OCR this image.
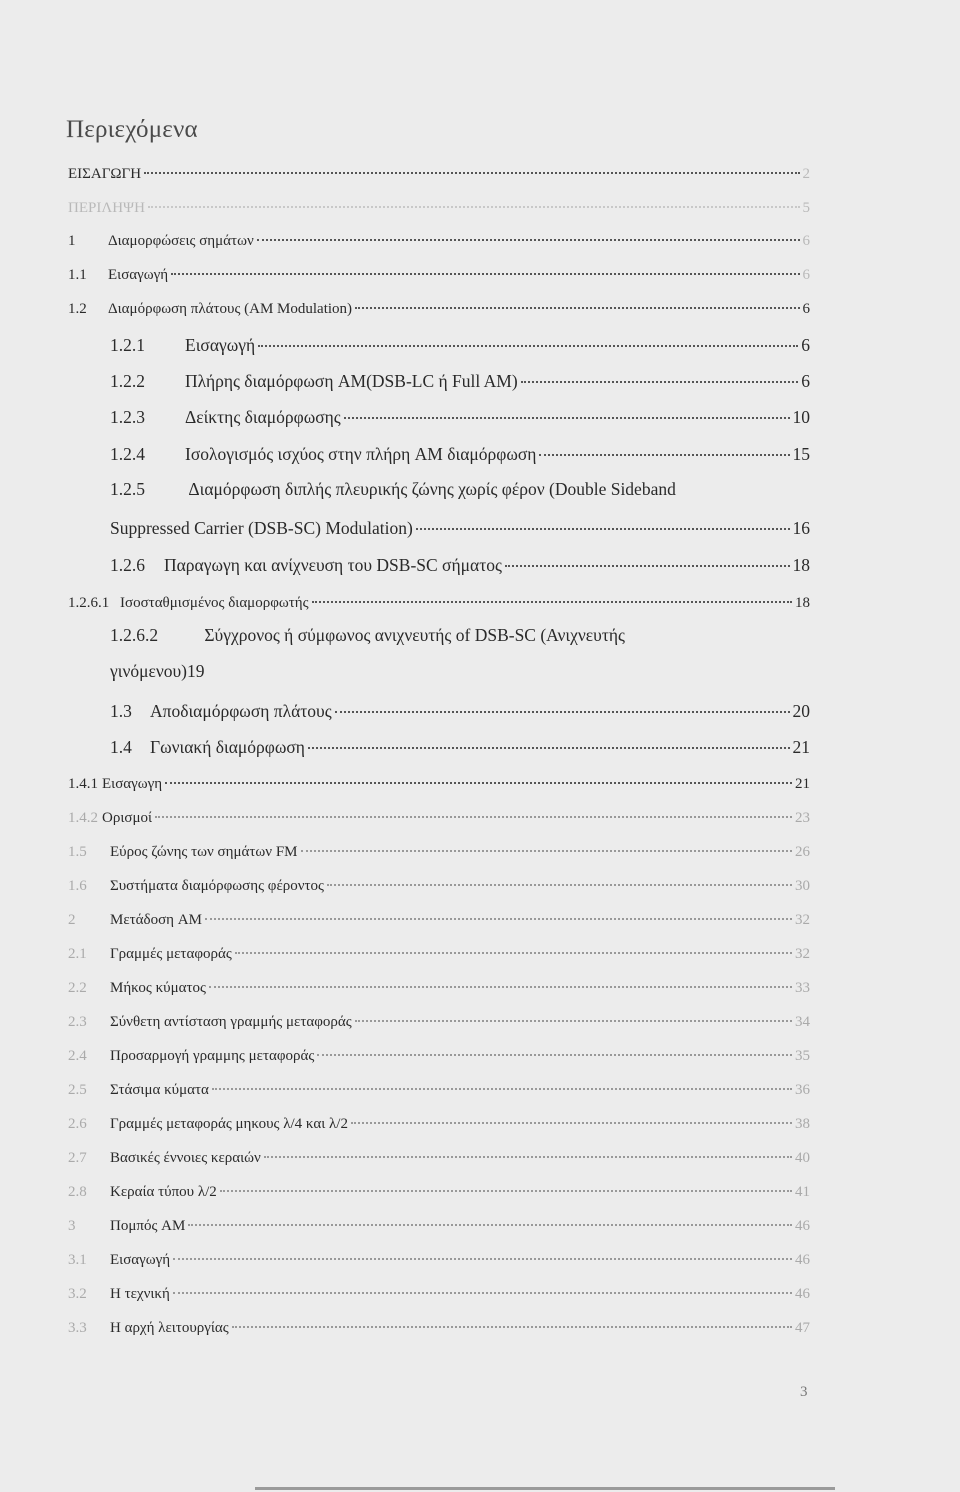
Περιεχόμενα
ΕΙΣΑΓΩΓΗ	2
ΠΕΡΙΛΗΨΗ	5
1	Διαμορφώσεις σημάτων	6
1.1	Εισαγωγή	6
1.2	Διαμόρφωση πλάτους (AM Modulation)	6
1.2.1	Εισαγωγή	6
1.2.2	Πλήρης διαμόρφωση AM(DSB-LC ή Full AM)	6
1.2.3	Δείκτης διαμόρφωσης	10
1.2.4	Ισολογισμός ισχύος στην πλήρη AM διαμόρφωση	15
1.2.5 Διαμόρφωση διπλής πλευρικής ζώνης χωρίς φέρον (Double Sideband
Suppressed Carrier (DSB-SC) Modulation)	16
1.2.6	Παραγωγη και ανίχνευση του DSB-SC σήματος	18
1.2.6.1 Ισοσταθμισμένος διαμορφωτής	18
1.2.6.2	Σύγχρονος ή σύμφωνος ανιχνευτής of DSB-SC (Ανιχνευτής
γινόμενου)19
1.3	Αποδιαμόρφωση πλάτους	20
1.4	Γωνιακή διαμόρφωση	21
1.4.1 Εισαγωγη	21
1.4.2 Ορισμοί	23
1.5	Εύρος ζώνης των σημάτων FM	26
1.6	Συστήματα διαμόρφωσης φέροντος	30
2	Μετάδοση AM	32
2.1	Γραμμές μεταφοράς	32
2.2	Μήκος κύματος	33
2.3	Σύνθετη αντίσταση γραμμής μεταφοράς	34
2.4	Προσαρμογή γραμμης μεταφοράς	35
2.5	Στάσιμα κύματα	36
2.6	Γραμμές μεταφοράς μηκους λ/4 και λ/2	38
2.7	Βασικές έννοιες κεραιών	40
2.8	Κεραία τύπου λ/2	41
3	Πομπός AM	46
3.1	Εισαγωγή	46
3.2	Η τεχνική	46
3.3	Η αρχή λειτουργίας	47
3
